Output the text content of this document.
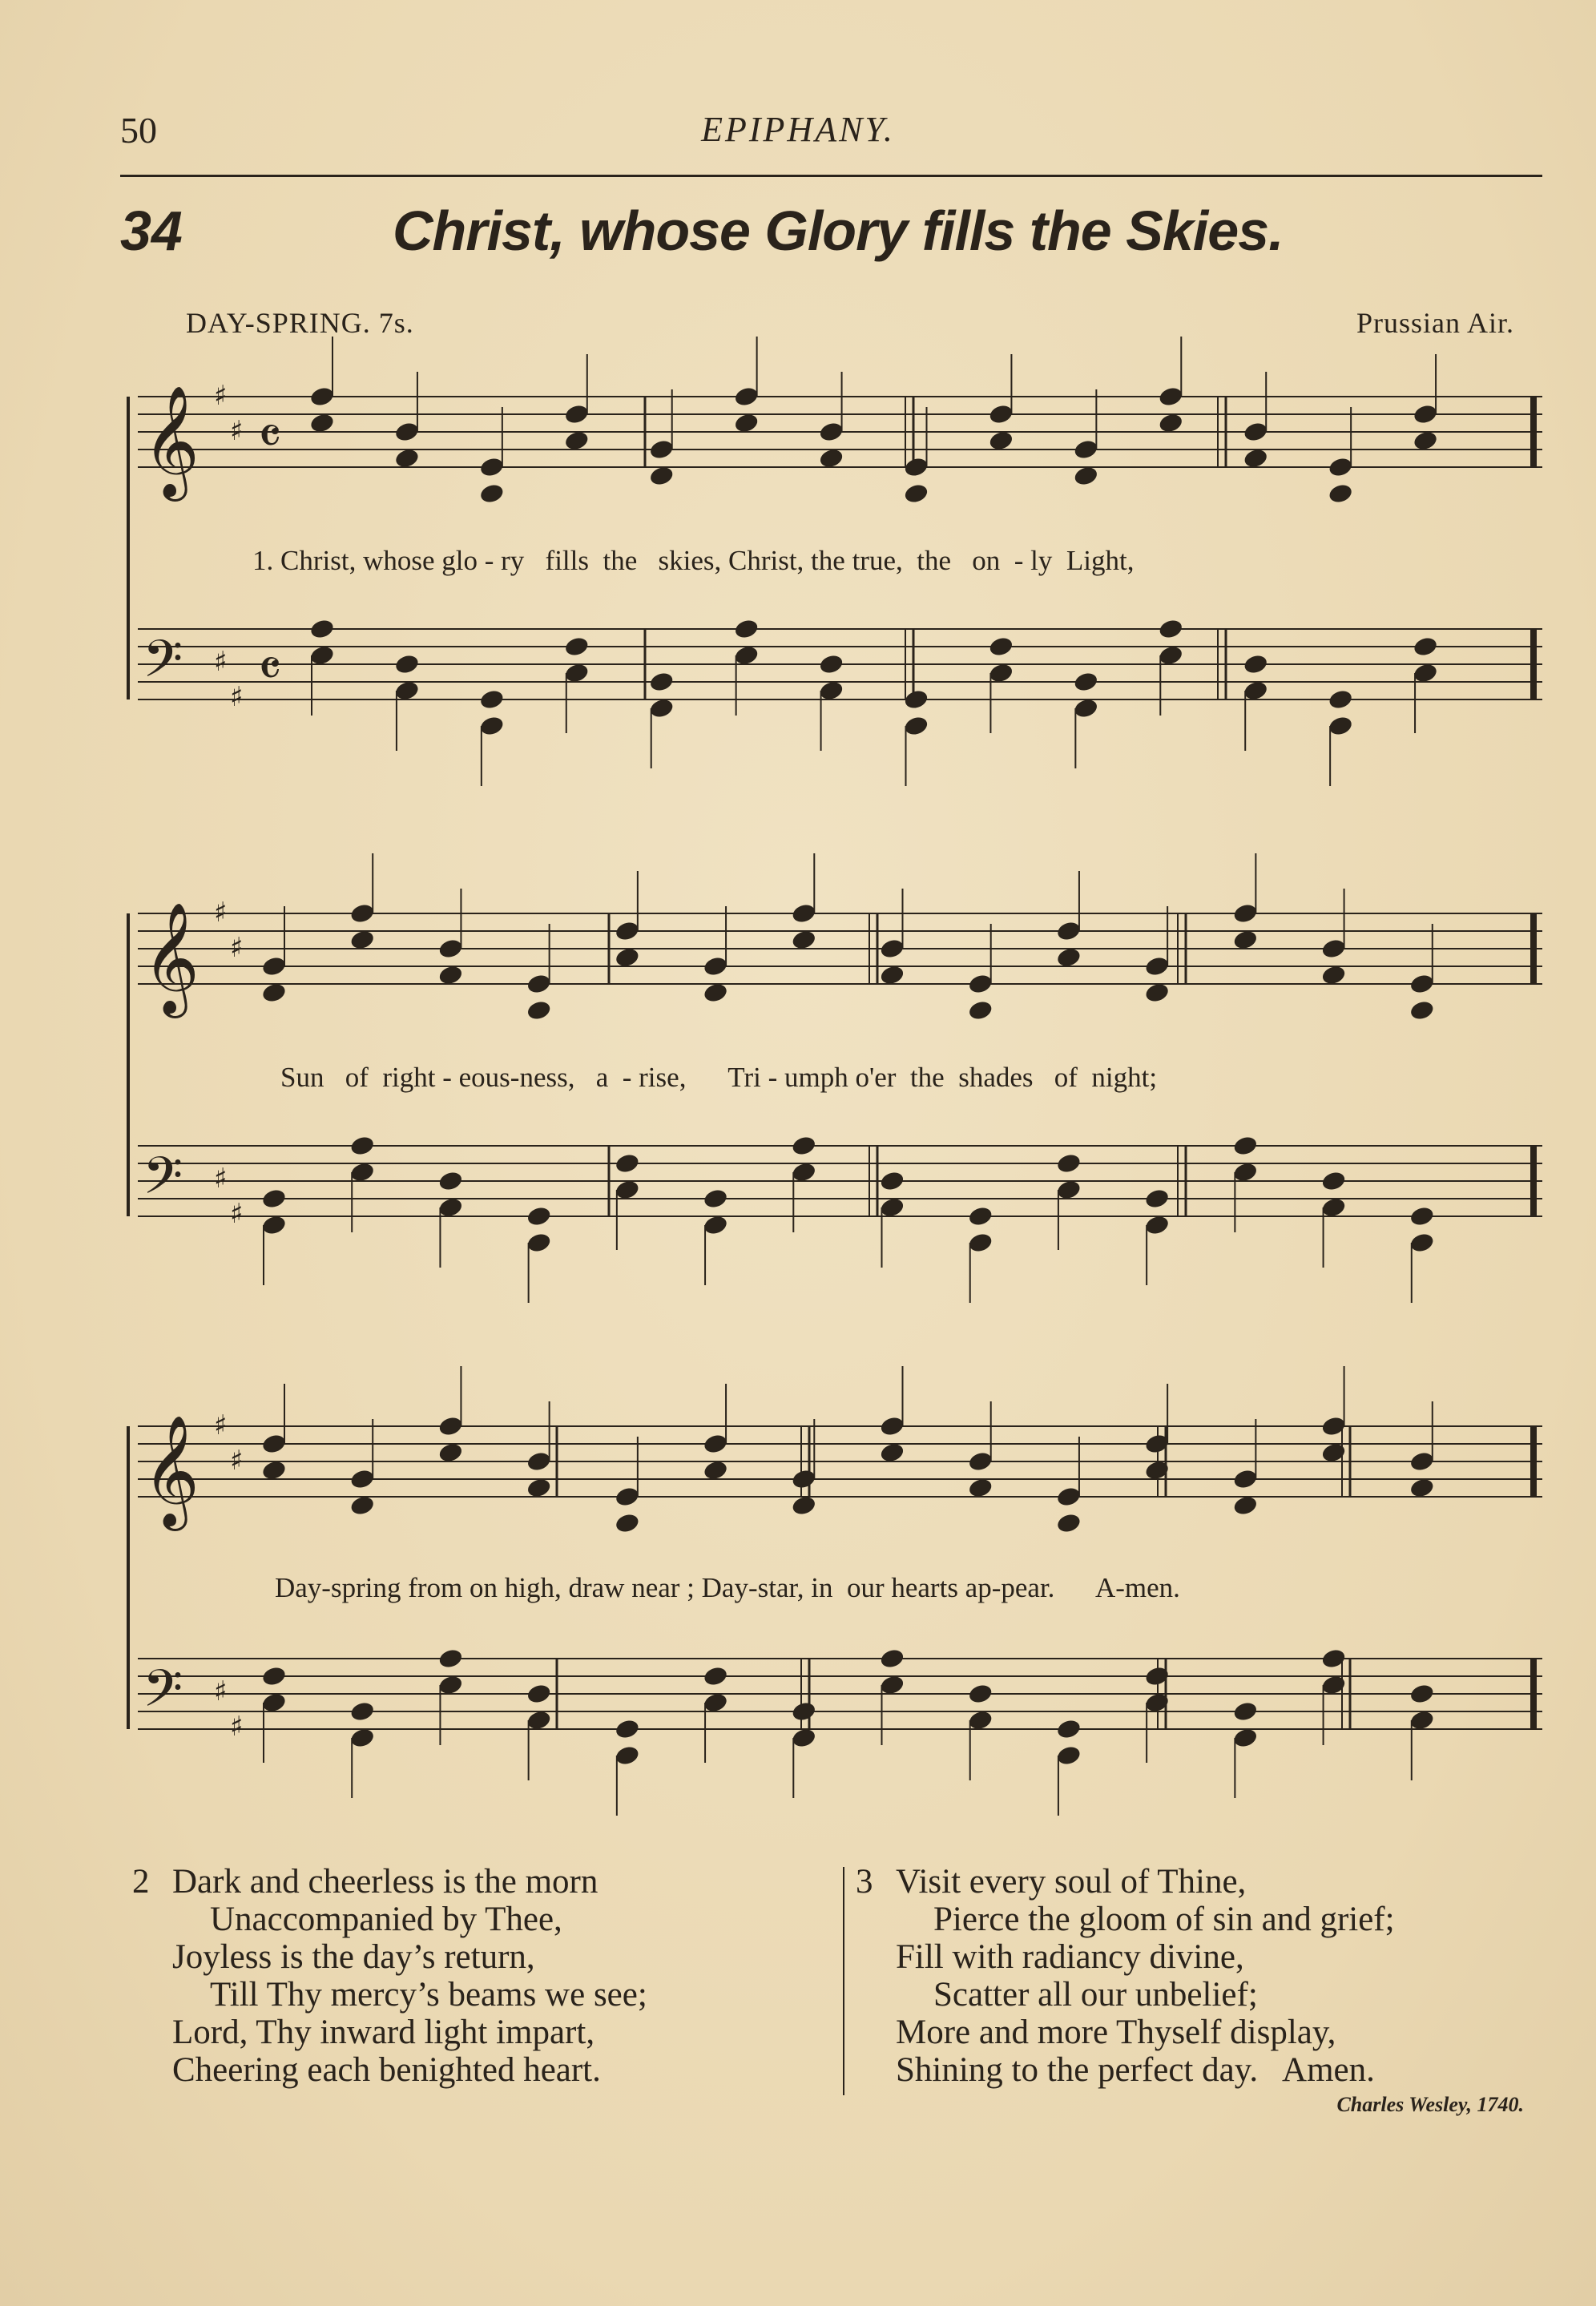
50	EPIPHANY.
34	Christ, whose Glory fills the Skies.
DAY-SPRING. 7s.	Prussian Air.
𝄞 ♯
♯ 𝄴
𝄢 ♯
♯ 𝄴
𝄞 ♯
♯
𝄢 ♯
♯
𝄞 ♯
♯
𝄢 ♯
♯
1. Christ, whose glo - ry   fills  the   skies, Christ, the true,  the   on  - ly  Light,
Sun   of  right - eous-ness,   a  - rise,      Tri - umph o'er  the  shades   of  night;
Day-spring from on high, draw near ; Day-star, in  our hearts ap-pear.      A-men.
2 Dark and cheerless is the morn
Unaccompanied by Thee,
Joyless is the day’s return,
Till Thy mercy’s beams we see;
Lord, Thy inward light impart,
Cheering each benighted heart.
3 Visit every soul of Thine,
Pierce the gloom of sin and grief;
Fill with radiancy divine,
Scatter all our unbelief;
More and more Thyself display,
Shining to the perfect day.   Amen.
Charles Wesley, 1740.
